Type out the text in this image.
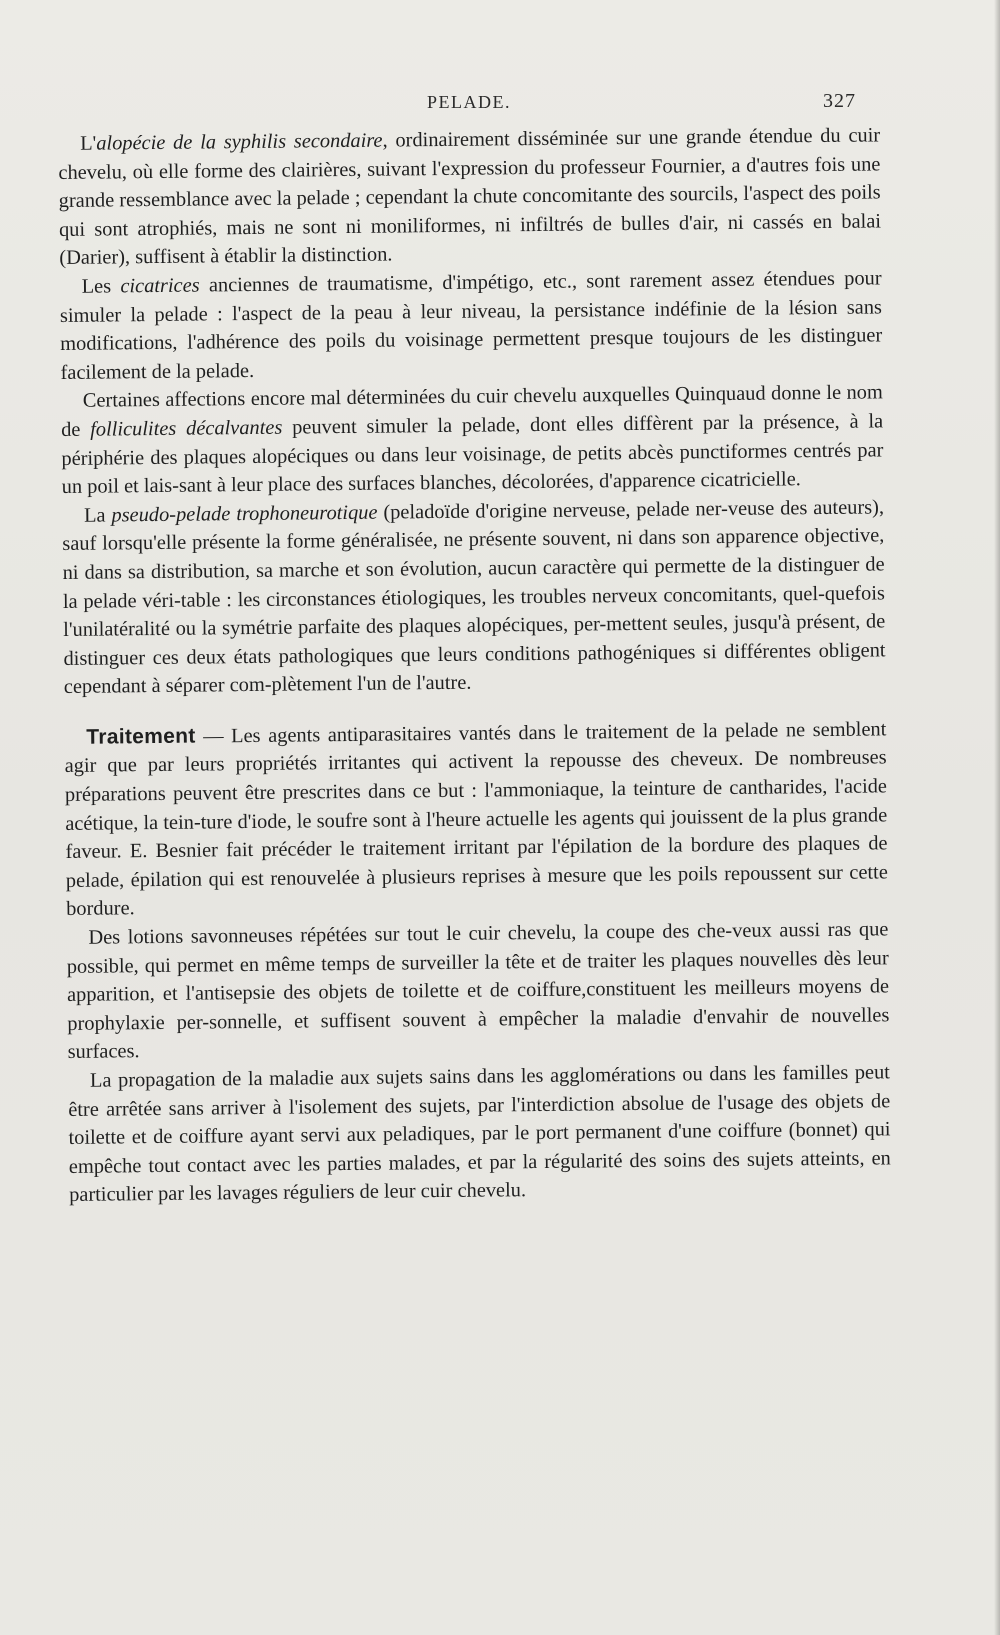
PELADE.	327

L'alopécie de la syphilis secondaire, ordinairement disséminée sur une grande étendue du cuir chevelu, où elle forme des clairières, suivant l'expression du professeur Fournier, a d'autres fois une grande ressemblance avec la pelade ; cependant la chute concomitante des sourcils, l'aspect des poils qui sont atrophiés, mais ne sont ni moniliformes, ni infiltrés de bulles d'air, ni cassés en balai (Darier), suffisent à établir la distinction.

Les cicatrices anciennes de traumatisme, d'impétigo, etc., sont rarement assez étendues pour simuler la pelade : l'aspect de la peau à leur niveau, la persistance indéfinie de la lésion sans modifications, l'adhérence des poils du voisinage permettent presque toujours de les distinguer facilement de la pelade.

Certaines affections encore mal déterminées du cuir chevelu auxquelles Quinquaud donne le nom de folliculites décalvantes peuvent simuler la pelade, dont elles diffèrent par la présence, à la périphérie des plaques alopéciques ou dans leur voisinage, de petits abcès punctiformes centrés par un poil et lais-sant à leur place des surfaces blanches, décolorées, d'apparence cicatricielle.

La pseudo-pelade trophoneurotique (peladoïde d'origine nerveuse, pelade ner-veuse des auteurs), sauf lorsqu'elle présente la forme généralisée, ne présente souvent, ni dans son apparence objective, ni dans sa distribution, sa marche et son évolution, aucun caractère qui permette de la distinguer de la pelade véri-table : les circonstances étiologiques, les troubles nerveux concomitants, quel-quefois l'unilatéralité ou la symétrie parfaite des plaques alopéciques, per-mettent seules, jusqu'à présent, de distinguer ces deux états pathologiques que leurs conditions pathogéniques si différentes obligent cependant à séparer com-plètement l'un de l'autre.

Traitement — Les agents antiparasitaires vantés dans le traitement de la pelade ne semblent agir que par leurs propriétés irritantes qui activent la repousse des cheveux. De nombreuses préparations peuvent être prescrites dans ce but : l'ammoniaque, la teinture de cantharides, l'acide acétique, la tein-ture d'iode, le soufre sont à l'heure actuelle les agents qui jouissent de la plus grande faveur. E. Besnier fait précéder le traitement irritant par l'épilation de la bordure des plaques de pelade, épilation qui est renouvelée à plusieurs reprises à mesure que les poils repoussent sur cette bordure.

Des lotions savonneuses répétées sur tout le cuir chevelu, la coupe des che-veux aussi ras que possible, qui permet en même temps de surveiller la tête et de traiter les plaques nouvelles dès leur apparition, et l'antisepsie des objets de toilette et de coiffure,constituent les meilleurs moyens de prophylaxie per-sonnelle, et suffisent souvent à empêcher la maladie d'envahir de nouvelles surfaces.

La propagation de la maladie aux sujets sains dans les agglomérations ou dans les familles peut être arrêtée sans arriver à l'isolement des sujets, par l'interdiction absolue de l'usage des objets de toilette et de coiffure ayant servi aux peladiques, par le port permanent d'une coiffure (bonnet) qui empêche tout contact avec les parties malades, et par la régularité des soins des sujets atteints, en particulier par les lavages réguliers de leur cuir chevelu.
